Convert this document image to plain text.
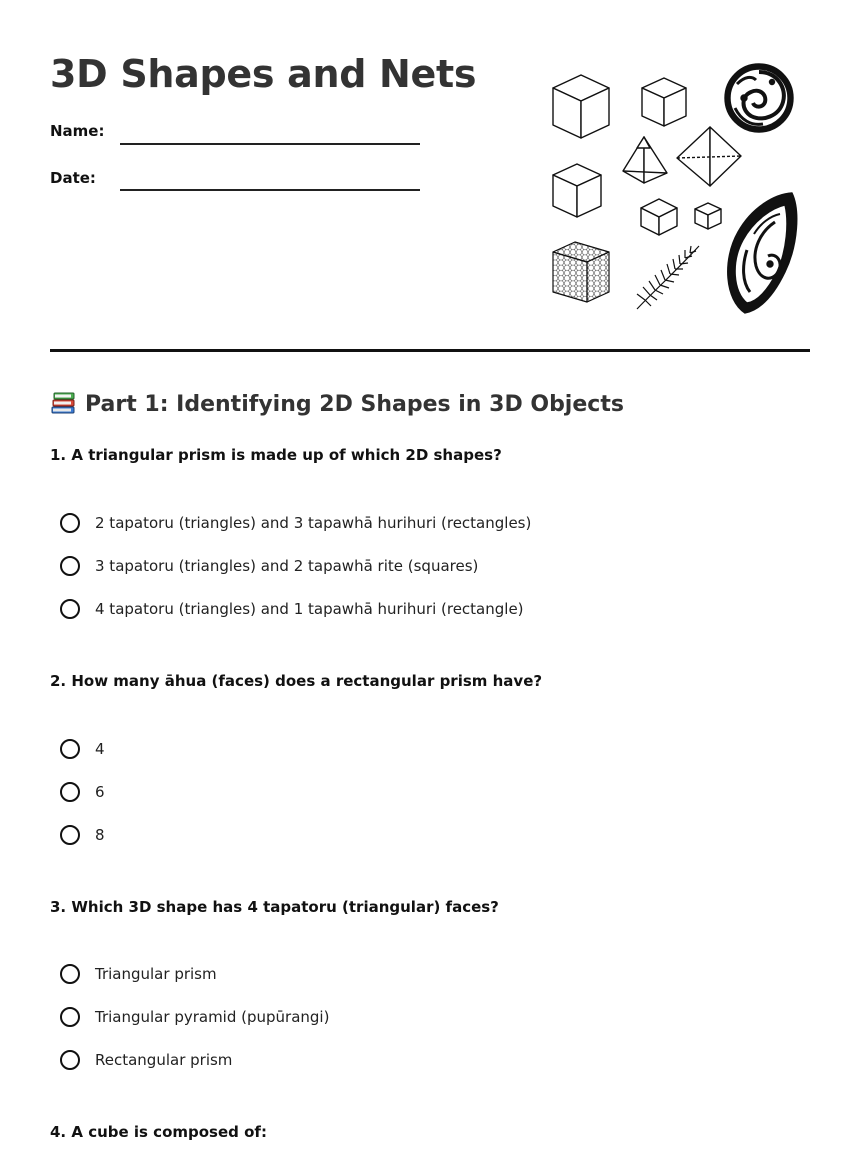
3D Shapes and Nets
Name:
Date:
Part 1: Identifying 2D Shapes in 3D Objects

1. A triangular prism is made up of which 2D shapes?

2 tapatoru (triangles) and 3 tapawhā hurihuri (rectangles)
3 tapatoru (triangles) and 2 tapawhā rite (squares)
4 tapatoru (triangles) and 1 tapawhā hurihuri (rectangle)

2. How many āhua (faces) does a rectangular prism have?

4
6
8

3. Which 3D shape has 4 tapatoru (triangular) faces?

Triangular prism
Triangular pyramid (pupūrangi)
Rectangular prism

4. A cube is composed of:
